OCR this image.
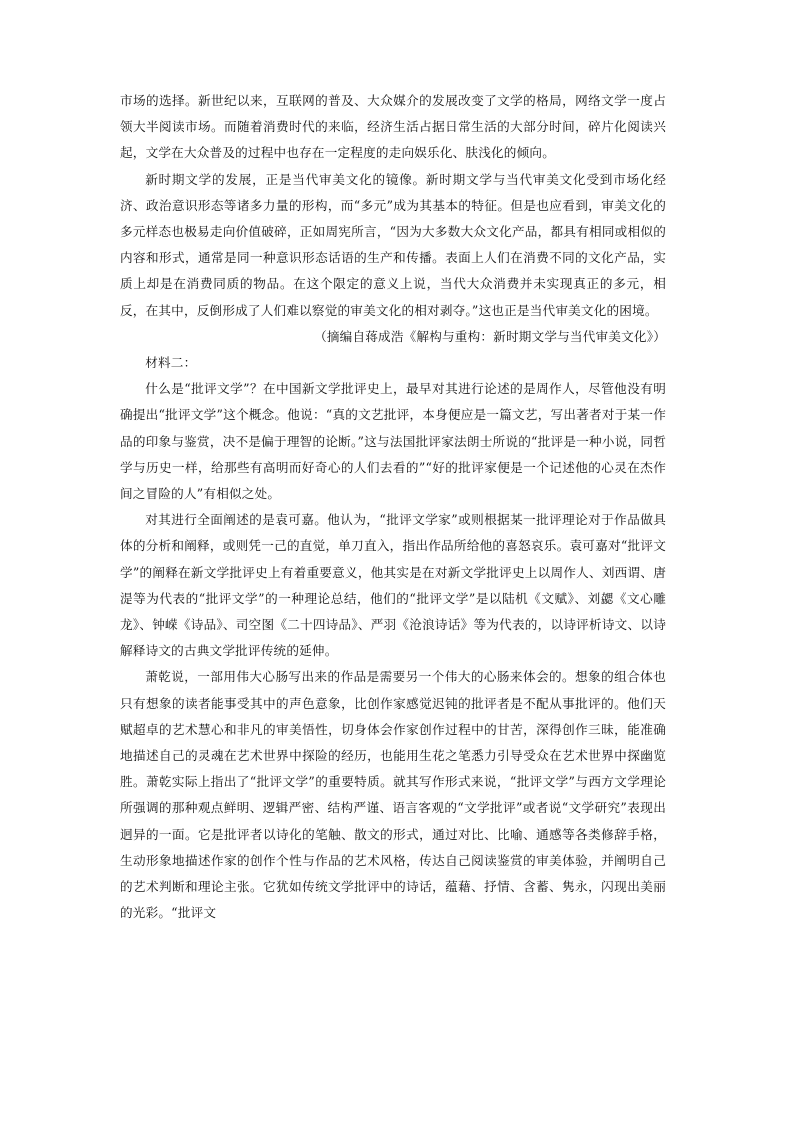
市场的选择。新世纪以来，互联网的普及、大众媒介的发展改变了文学的格局，网络文学一度占领大半阅读市场。而随着消费时代的来临，经济生活占据日常生活的大部分时间，碎片化阅读兴起，文学在大众普及的过程中也存在一定程度的走向娱乐化、肤浅化的倾向。

新时期文学的发展，正是当代审美文化的镜像。新时期文学与当代审美文化受到市场化经济、政治意识形态等诸多力量的形构，而“多元”成为其基本的特征。但是也应看到，审美文化的多元样态也极易走向价值破碎，正如周宪所言，“因为大多数大众文化产品，都具有相同或相似的内容和形式，通常是同一种意识形态话语的生产和传播。表面上人们在消费不同的文化产品，实质上却是在消费同质的物品。在这个限定的意义上说，当代大众消费并未实现真正的多元，相反，在其中，反倒形成了人们难以察觉的审美文化的相对剥夺。”这也正是当代审美文化的困境。

（摘编自蒋成浩《解构与重构：新时期文学与当代审美文化》）

材料二：

什么是“批评文学”？在中国新文学批评史上，最早对其进行论述的是周作人，尽管他没有明确提出“批评文学”这个概念。他说：“真的文艺批评，本身便应是一篇文艺，写出著者对于某一作品的印象与鉴赏，决不是偏于理智的论断。”这与法国批评家法朗士所说的“批评是一种小说，同哲学与历史一样，给那些有高明而好奇心的人们去看的”“好的批评家便是一个记述他的心灵在杰作间之冒险的人”有相似之处。

对其进行全面阐述的是袁可嘉。他认为，“批评文学家”或则根据某一批评理论对于作品做具体的分析和阐释，或则凭一己的直觉，单刀直入，指出作品所给他的喜怒哀乐。袁可嘉对“批评文学”的阐释在新文学批评史上有着重要意义，他其实是在对新文学批评史上以周作人、刘西谓、唐湜等为代表的“批评文学”的一种理论总结，他们的“批评文学”是以陆机《文赋》、刘勰《文心雕龙》、钟嵘《诗品》、司空图《二十四诗品》、严羽《沧浪诗话》等为代表的，以诗评析诗文、以诗解释诗文的古典文学批评传统的延伸。

萧乾说，一部用伟大心肠写出来的作品是需要另一个伟大的心肠来体会的。想象的组合体也只有想象的读者能事受其中的声色意象，比创作家感觉迟钝的批评者是不配从事批评的。他们天赋超卓的艺术慧心和非凡的审美悟性，切身体会作家创作过程中的甘苦，深得创作三昧，能准确地描述自己的灵魂在艺术世界中探险的经历，也能用生花之笔悉力引导受众在艺术世界中探幽览胜。萧乾实际上指出了“批评文学”的重要特质。就其写作形式来说，“批评文学”与西方文学理论所强调的那种观点鲜明、逻辑严密、结构严谨、语言客观的“文学批评”或者说“文学研究”表现出迥异的一面。它是批评者以诗化的笔触、散文的形式，通过对比、比喻、通感等各类修辞手格，生动形象地描述作家的创作个性与作品的艺术风格，传达自己阅读鉴赏的审美体验，并阐明自己的艺术判断和理论主张。它犹如传统文学批评中的诗话，蕴藉、抒情、含蓄、隽永，闪现出美丽的光彩。“批评文
